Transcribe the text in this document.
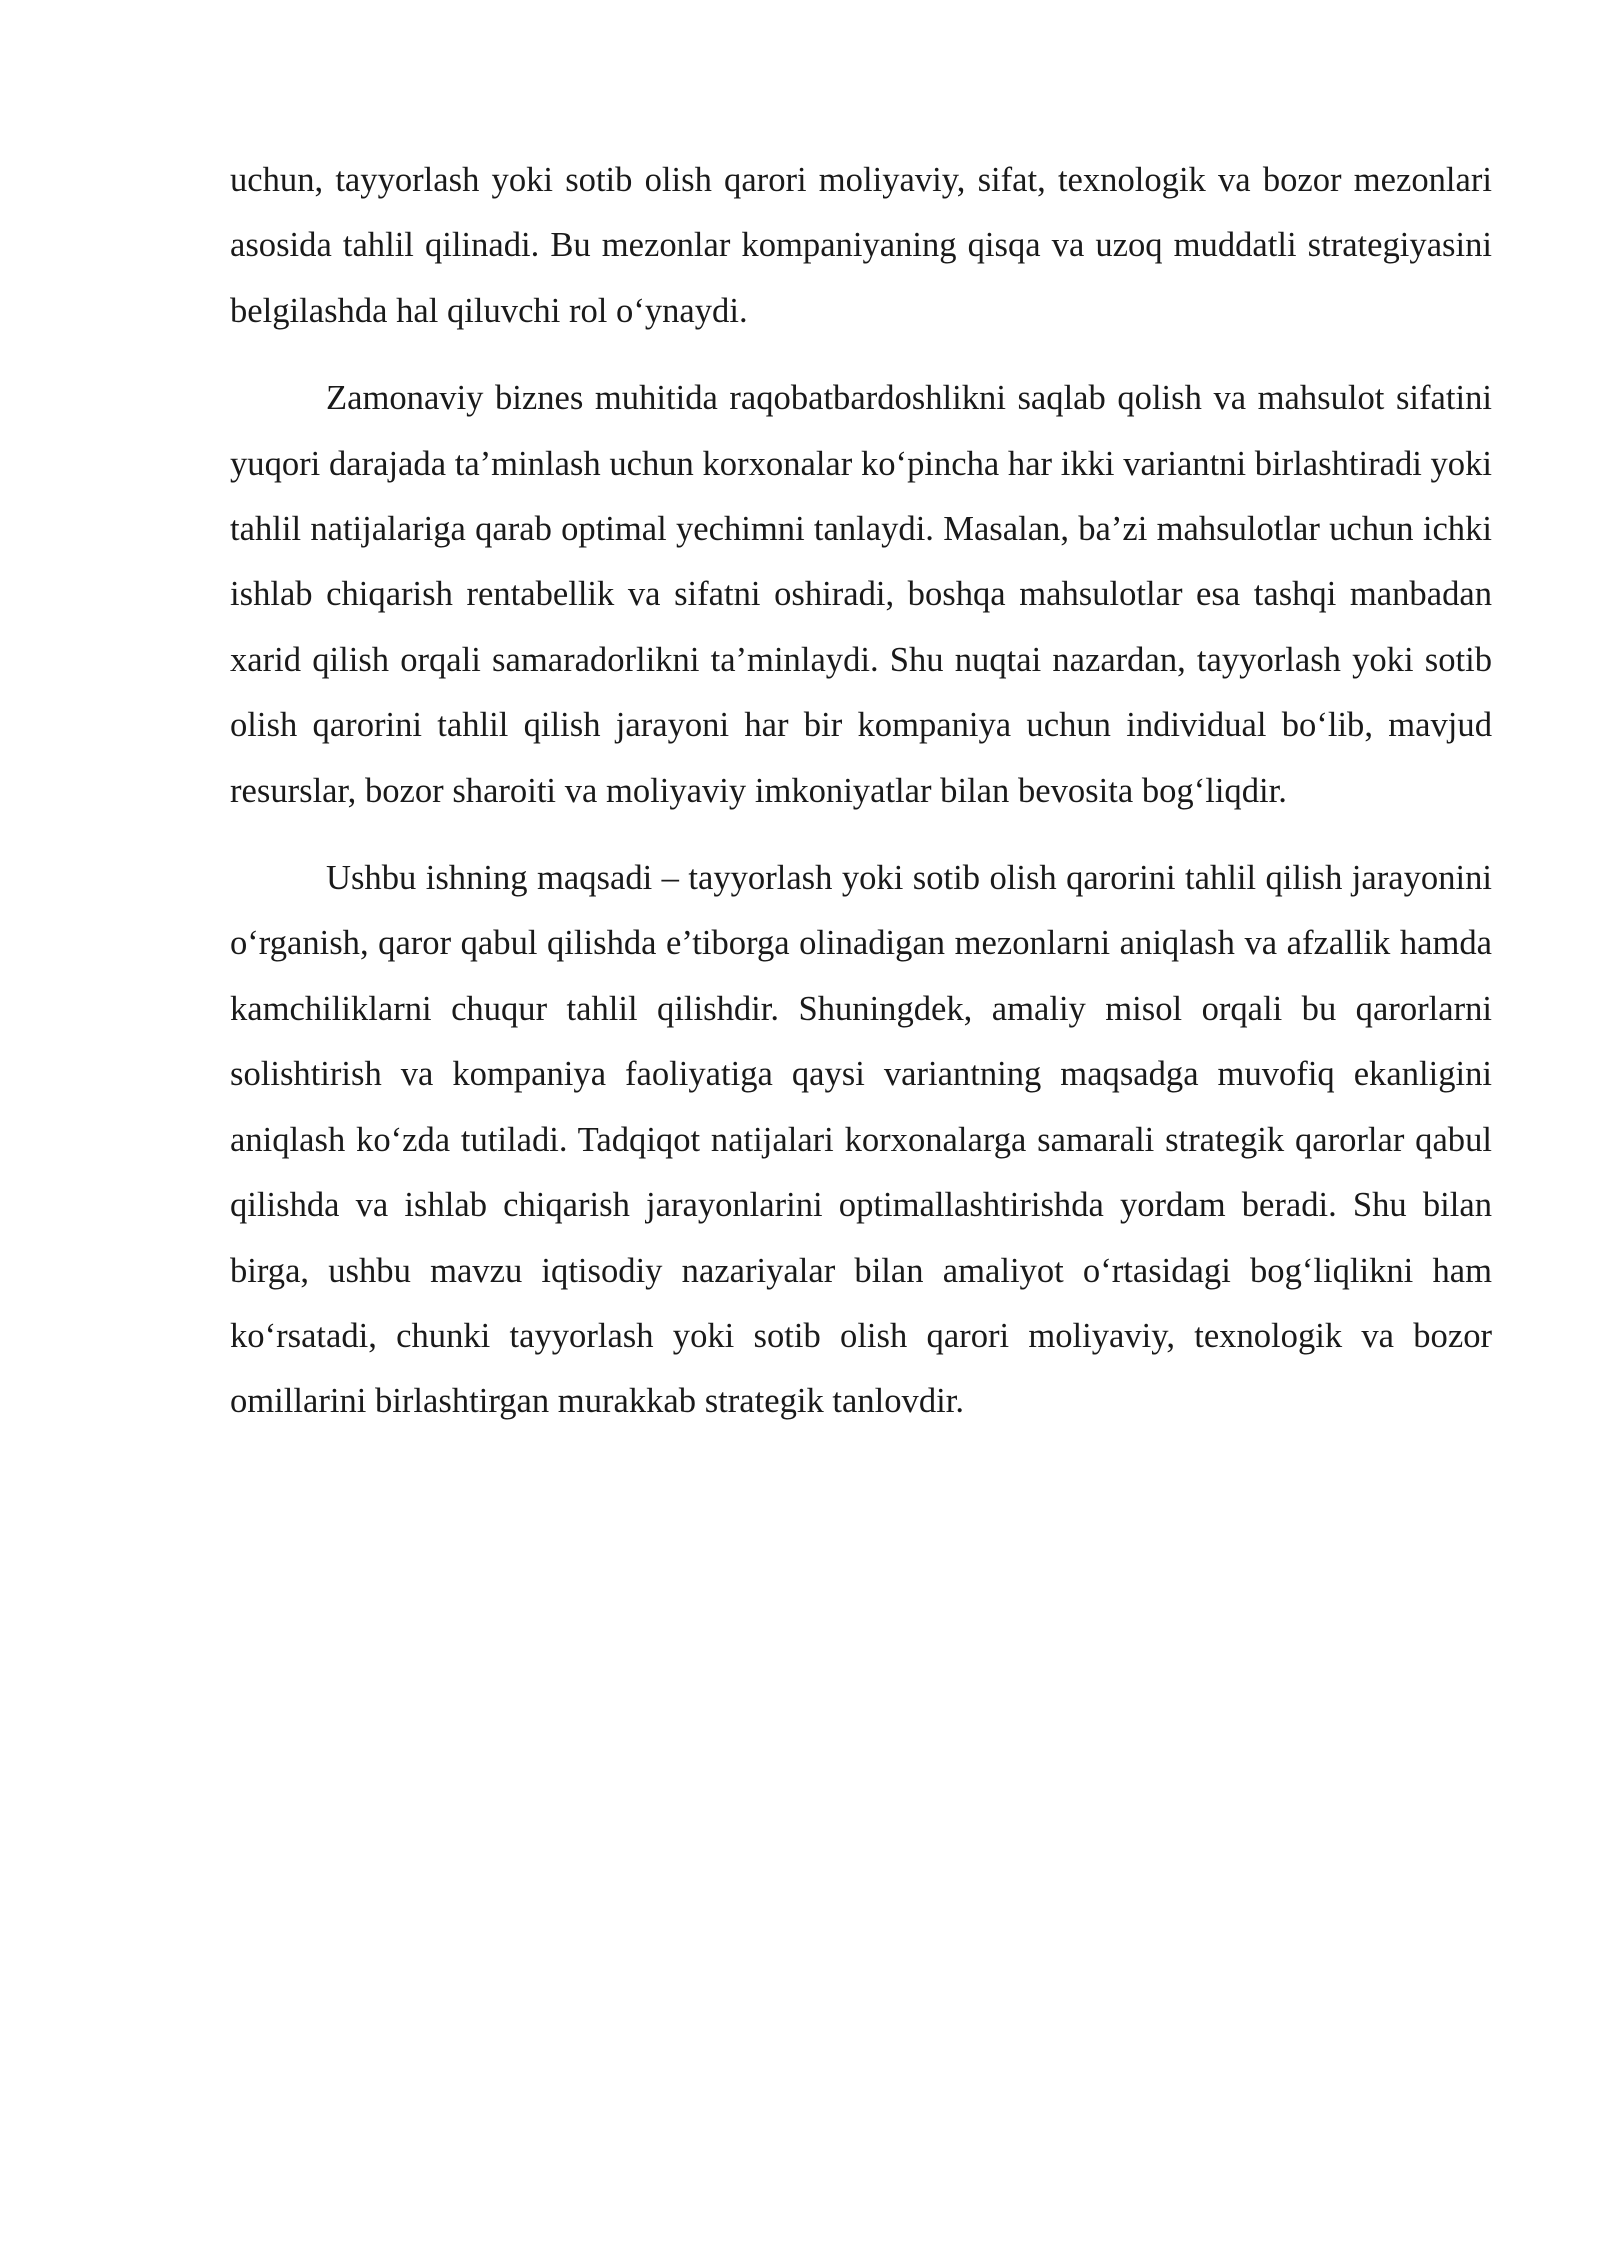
uchun, tayyorlash yoki sotib olish qarori moliyaviy, sifat, texnologik va bozor mezonlari asosida tahlil qilinadi. Bu mezonlar kompaniyaning qisqa va uzoq muddatli strategiyasini belgilashda hal qiluvchi rol o‘ynaydi.

Zamonaviy biznes muhitida raqobatbardoshlikni saqlab qolish va mahsulot sifatini yuqori darajada ta’minlash uchun korxonalar ko‘pincha har ikki variantni birlashtiradi yoki tahlil natijalariga qarab optimal yechimni tanlaydi. Masalan, ba’zi mahsulotlar uchun ichki ishlab chiqarish rentabellik va sifatni oshiradi, boshqa mahsulotlar esa tashqi manbadan xarid qilish orqali samaradorlikni ta’minlaydi. Shu nuqtai nazardan, tayyorlash yoki sotib olish qarorini tahlil qilish jarayoni har bir kompaniya uchun individual bo‘lib, mavjud resurslar, bozor sharoiti va moliyaviy imkoniyatlar bilan bevosita bog‘liqdir.

Ushbu ishning maqsadi – tayyorlash yoki sotib olish qarorini tahlil qilish jarayonini o‘rganish, qaror qabul qilishda e’tiborga olinadigan mezonlarni aniqlash va afzallik hamda kamchiliklarni chuqur tahlil qilishdir. Shuningdek, amaliy misol orqali bu qarorlarni solishtirish va kompaniya faoliyatiga qaysi variantning maqsadga muvofiq ekanligini aniqlash ko‘zda tutiladi. Tadqiqot natijalari korxonalarga samarali strategik qarorlar qabul qilishda va ishlab chiqarish jarayonlarini optimallashtirishda yordam beradi. Shu bilan birga, ushbu mavzu iqtisodiy nazariyalar bilan amaliyot o‘rtasidagi bog‘liqlikni ham ko‘rsatadi, chunki tayyorlash yoki sotib olish qarori moliyaviy, texnologik va bozor omillarini birlashtirgan murakkab strategik tanlovdir.
